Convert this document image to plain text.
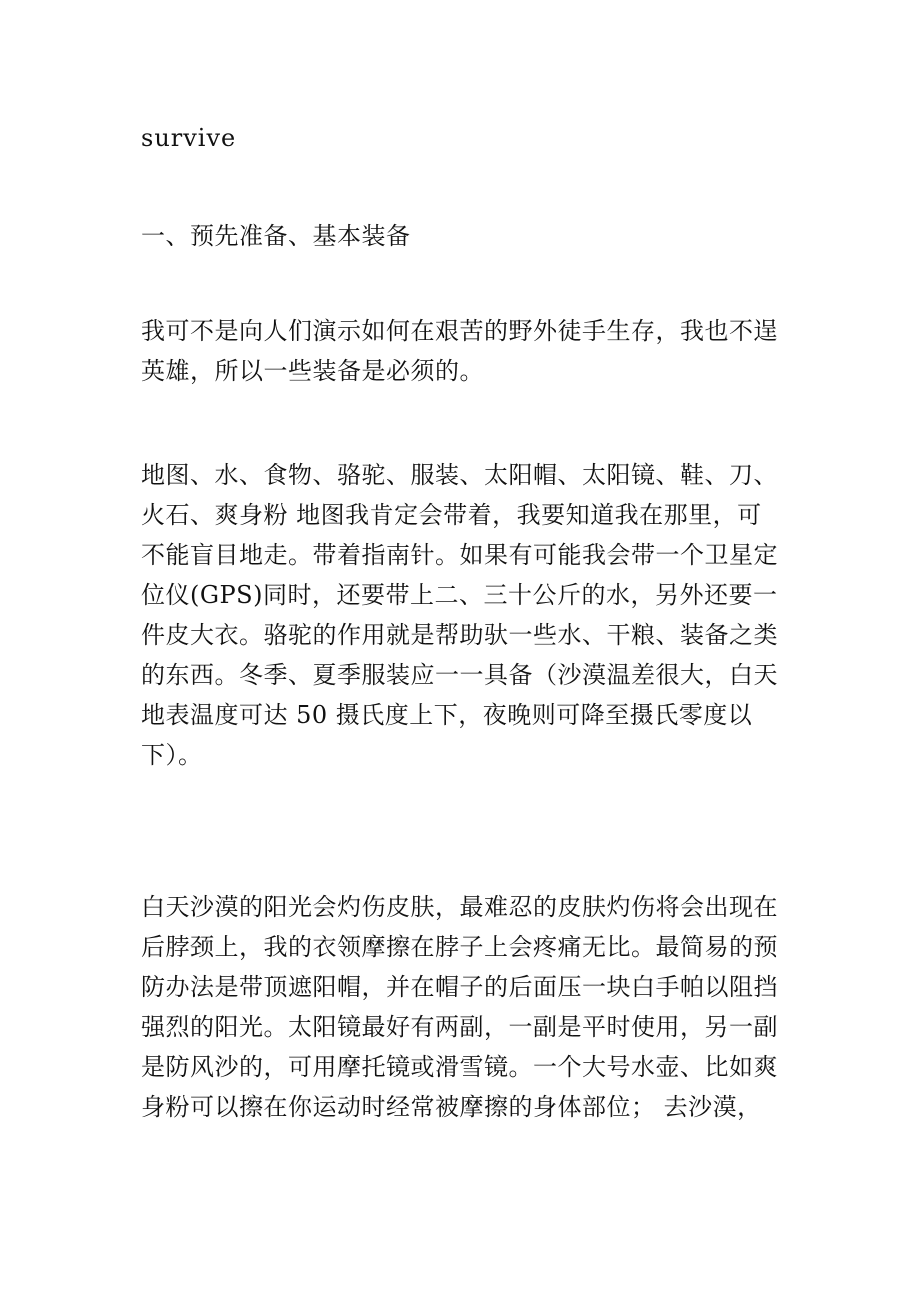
survive
一、预先准备、基本装备
我可不是向人们演示如何在艰苦的野外徒手生存，我也不逞
英雄，所以一些装备是必须的。
地图、水、食物、骆驼、服装、太阳帽、太阳镜、鞋、刀、
火石、爽身粉 地图我肯定会带着，我要知道我在那里，可
不能盲目地走。带着指南针。如果有可能我会带一个卫星定
位仪(GPS)同时，还要带上二、三十公斤的水，另外还要一
件皮大衣。骆驼的作用就是帮助驮一些水、干粮、装备之类
的东西。冬季、夏季服装应一一具备（沙漠温差很大，白天
地表温度可达 50 摄氏度上下，夜晚则可降至摄氏零度以
下）。
白天沙漠的阳光会灼伤皮肤，最难忍的皮肤灼伤将会出现在
后脖颈上，我的衣领摩擦在脖子上会疼痛无比。最简易的预
防办法是带顶遮阳帽，并在帽子的后面压一块白手帕以阻挡
强烈的阳光。太阳镜最好有两副，一副是平时使用，另一副
是防风沙的，可用摩托镜或滑雪镜。一个大号水壶、比如爽
身粉可以擦在你运动时经常被摩擦的身体部位； 去沙漠，
